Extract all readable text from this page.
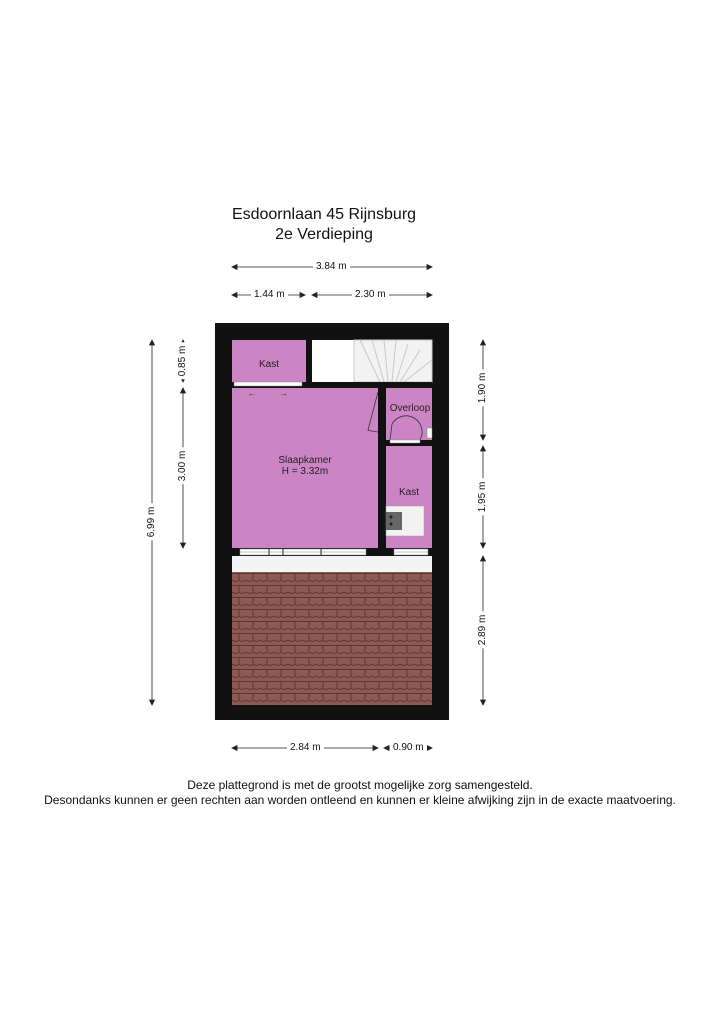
Esdoornlaan 45 Rijnsburg
2e Verdieping
←	→
3.84 m
1.44 m	2.30 m
2.84 m	0.90 m
6.99 m
0.85 m
3.00 m
1.90 m
1.95 m
2.89 m
Kast
Slaapkamer
H = 3.32m
Overloop
Kast
Deze plattegrond is met de grootst mogelijke zorg samengesteld.
Desondanks kunnen er geen rechten aan worden ontleend en kunnen er kleine afwijking zijn in de exacte maatvoering.
